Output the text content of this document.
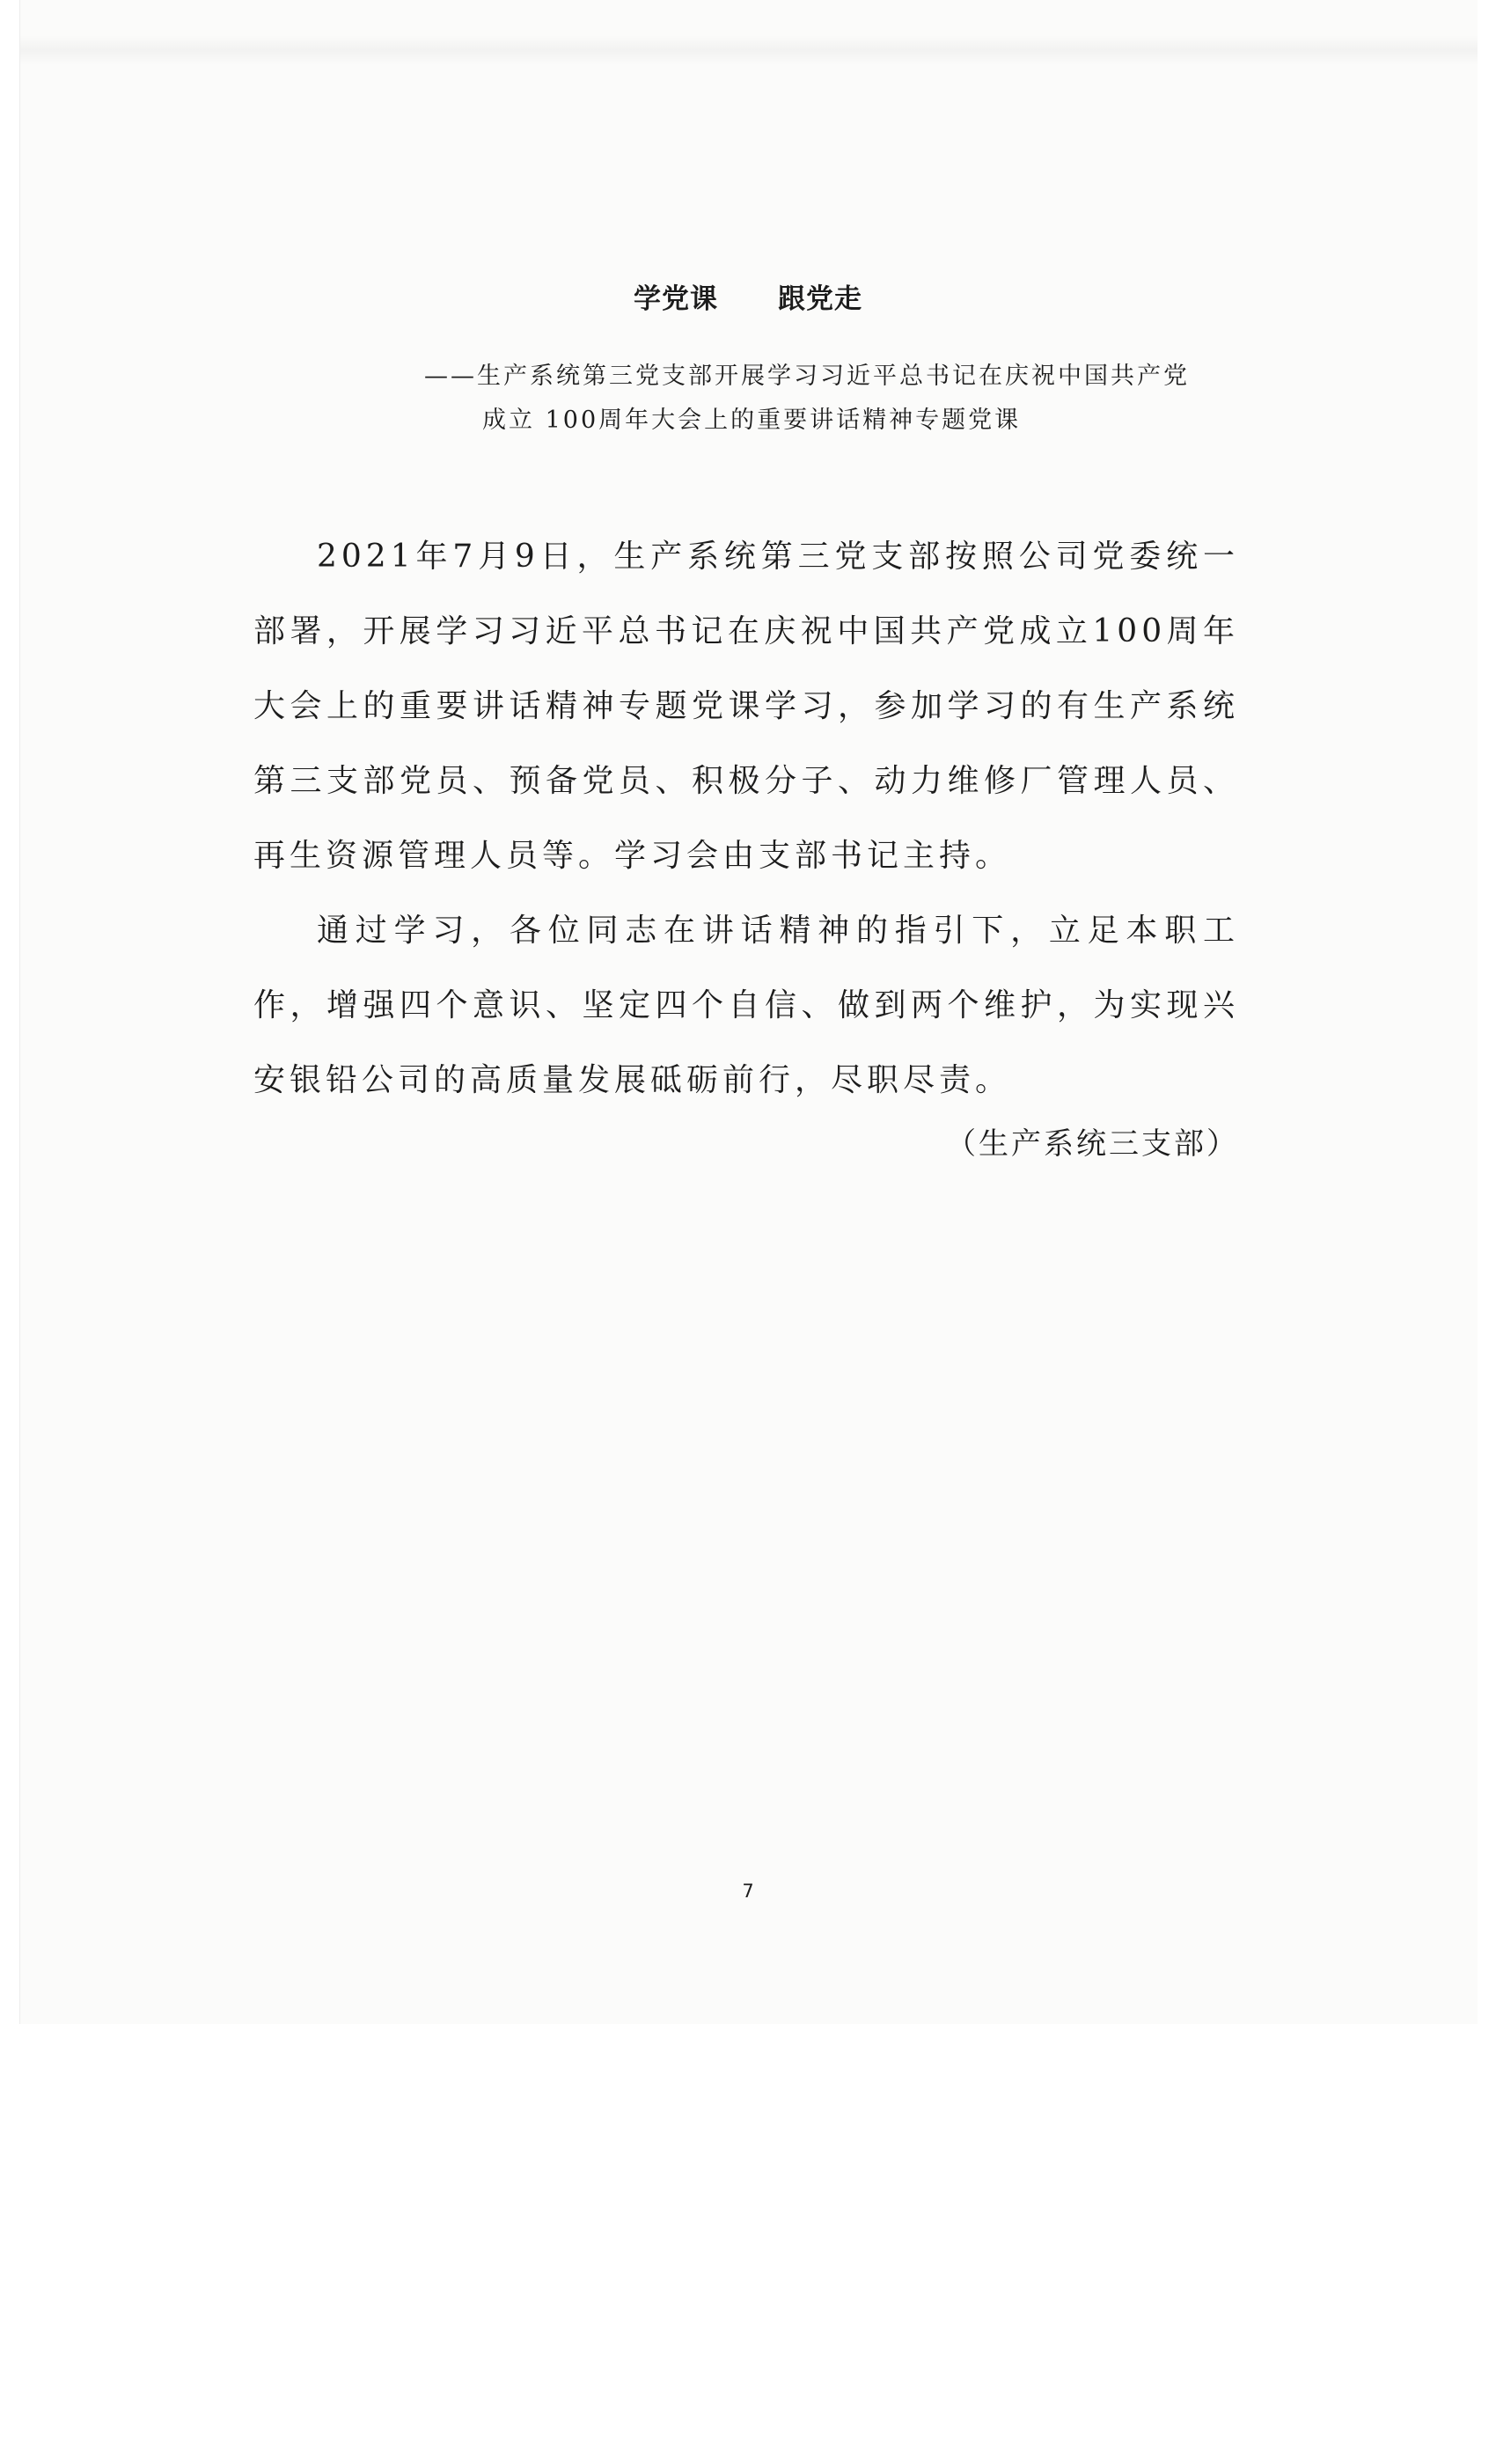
学党课 跟党走
——生产系统第三党支部开展学习习近平总书记在庆祝中国共产党
成立 100周年大会上的重要讲话精神专题党课

2021年7月9日，生产系统第三党支部按照公司党委统一部署，开展学习习近平总书记在庆祝中国共产党成立100周年大会上的重要讲话精神专题党课学习，参加学习的有生产系统第三支部党员、预备党员、积极分子、动力维修厂管理人员、再生资源管理人员等。学习会由支部书记主持。

通过学习，各位同志在讲话精神的指引下，立足本职工作，增强四个意识、坚定四个自信、做到两个维护，为实现兴安银铅公司的高质量发展砥砺前行，尽职尽责。

（生产系统三支部）
7
